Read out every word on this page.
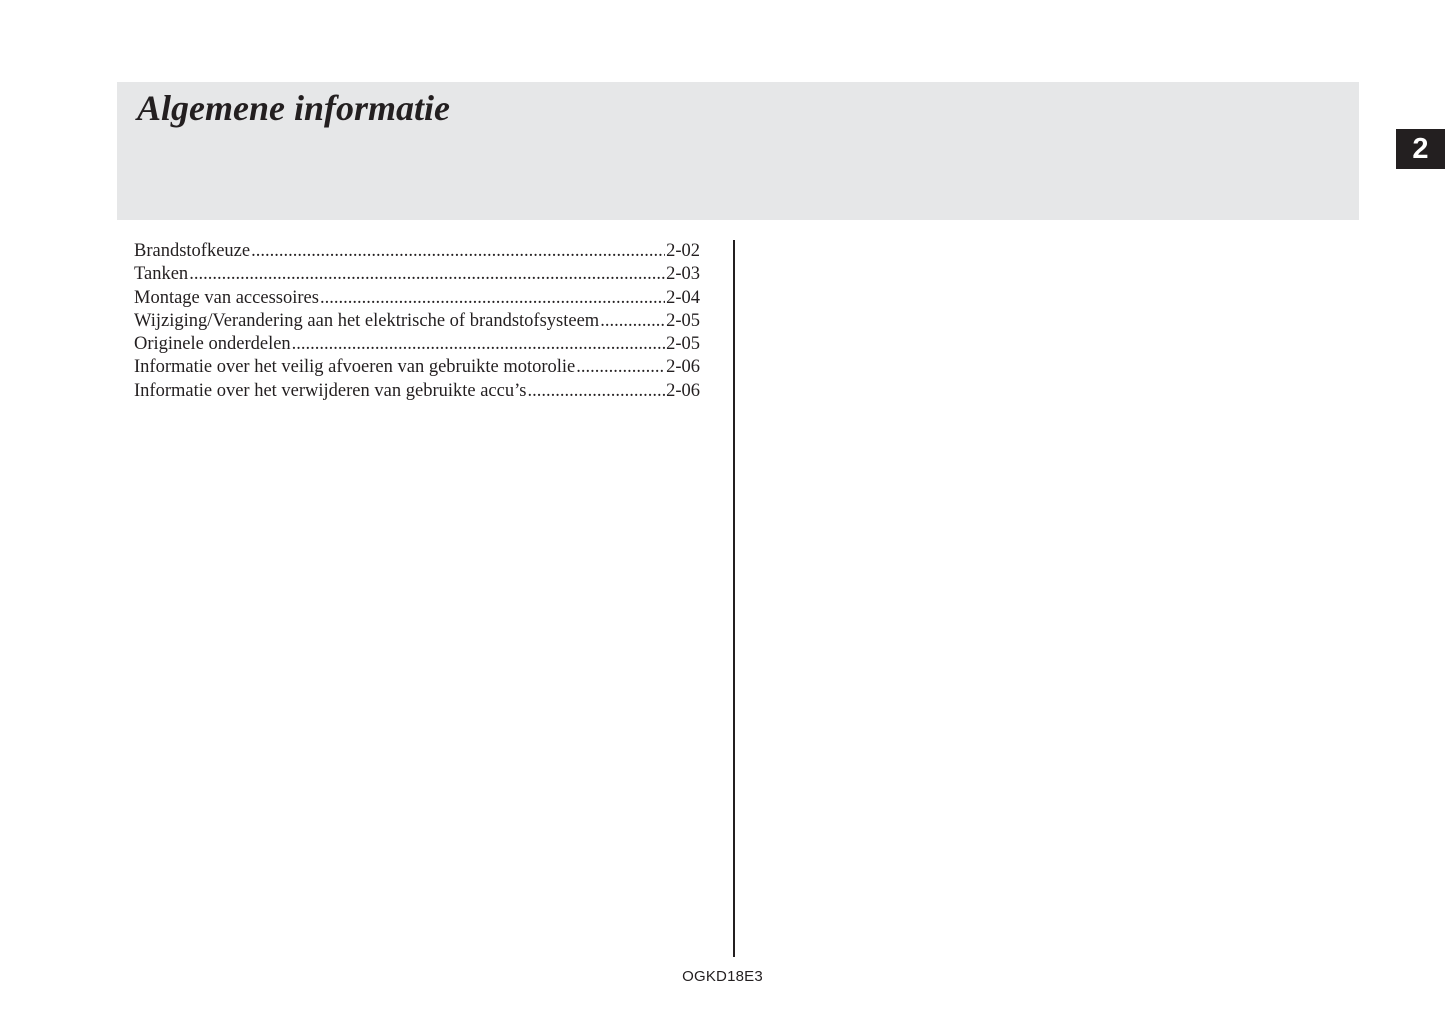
Algemene informatie
2
Brandstofkeuze .....	2-02
Tanken .....	2-03
Montage van accessoires .....	2-04
Wijziging/Verandering aan het elektrische of brandstofsysteem .....	2-05
Originele onderdelen .....	2-05
Informatie over het veilig afvoeren van gebruikte motorolie .....	2-06
Informatie over het verwijderen van gebruikte accu’s .....	2-06
OGKD18E3
